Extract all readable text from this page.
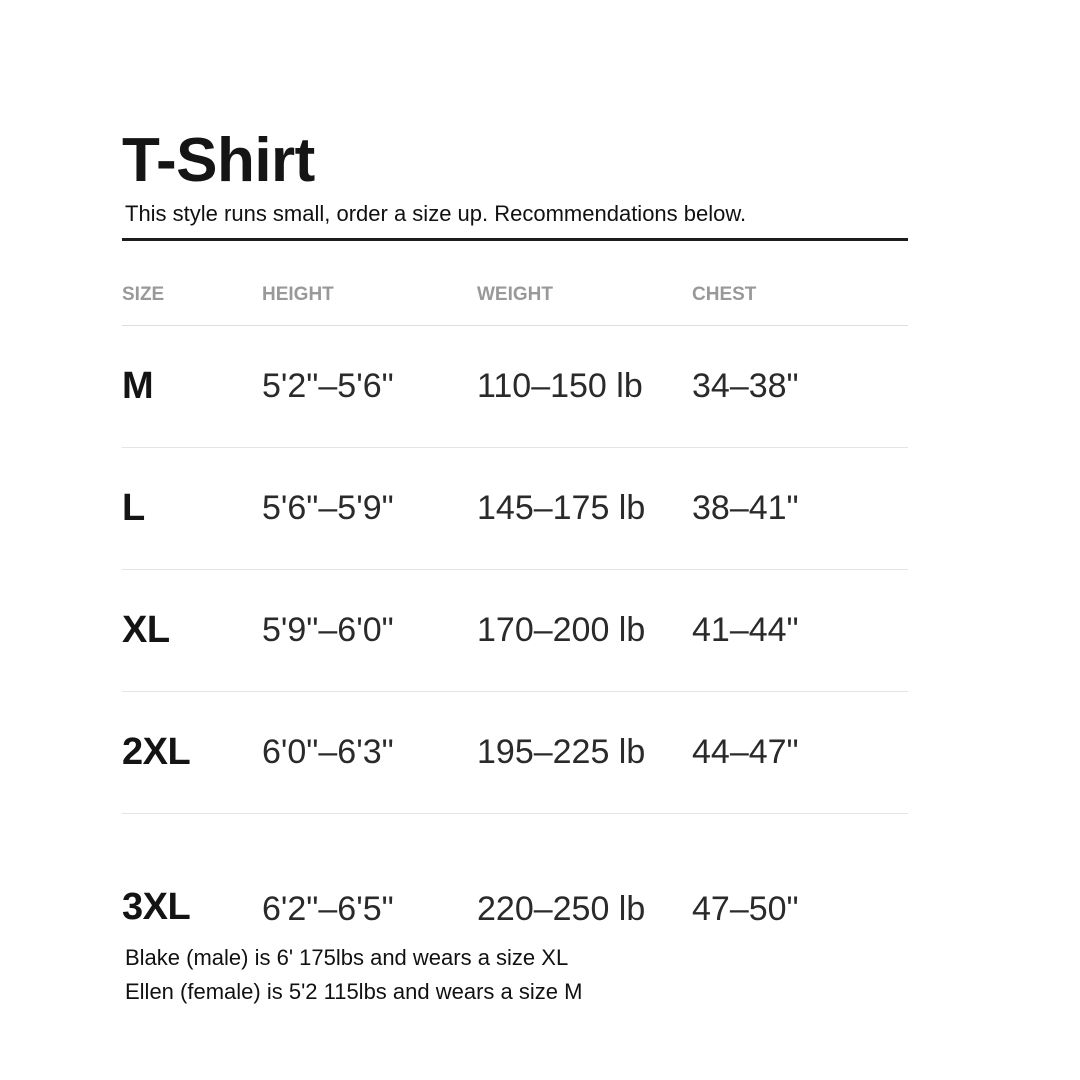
T-Shirt
This style runs small, order a size up. Recommendations below.
SIZE	HEIGHT	WEIGHT	CHEST
M	5'2"–5'6"	110–150 lb	34–38"
L	5'6"–5'9"	145–175 lb	38–41"
XL	5'9"–6'0"	170–200 lb	41–44"
2XL	6'0"–6'3"	195–225 lb	44–47"
3XL	6'2"–6'5"	220–250 lb	47–50"
Blake (male) is 6' 175lbs and wears a size XL
Ellen (female) is 5'2 115lbs and wears a size M
